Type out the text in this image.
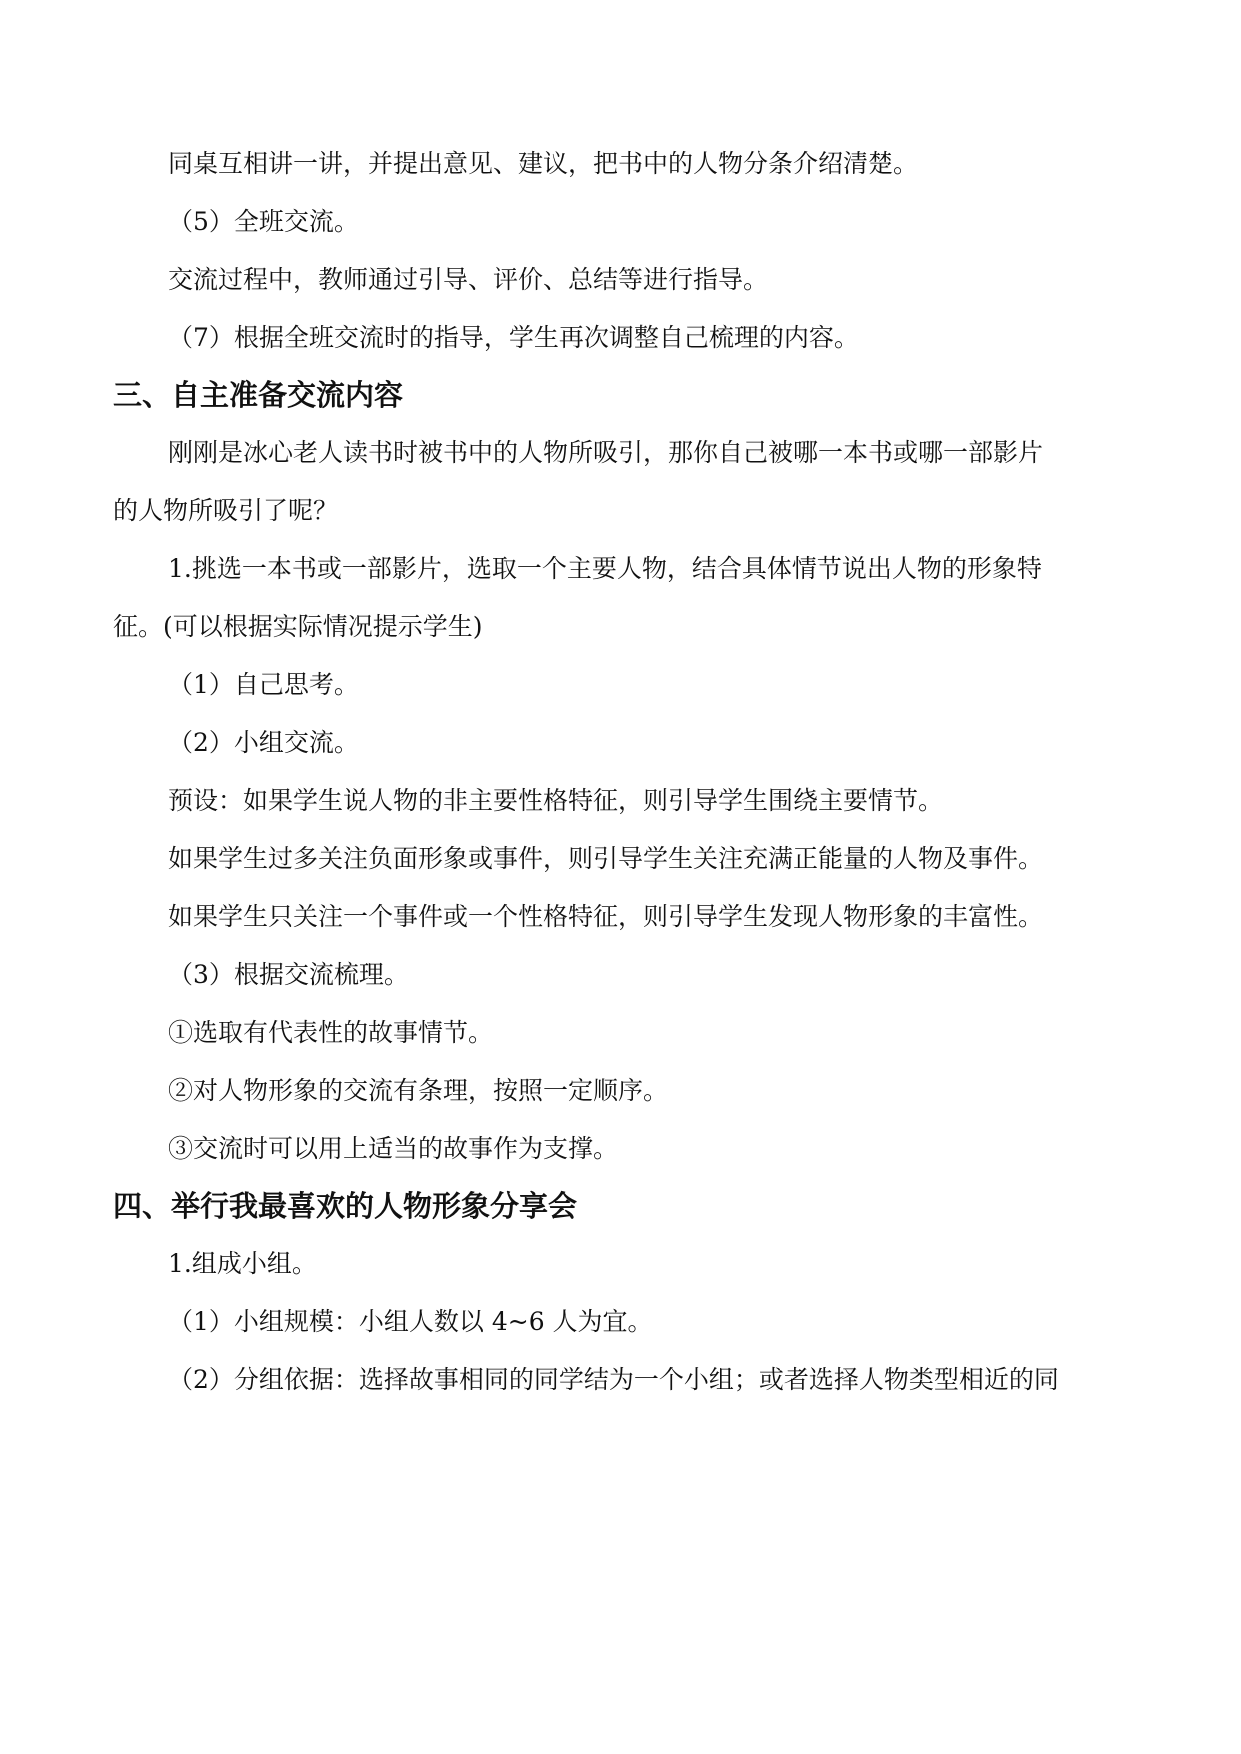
同桌互相讲一讲，并提出意见、建议，把书中的人物分条介绍清楚。

（5）全班交流。

交流过程中，教师通过引导、评价、总结等进行指导。

（7）根据全班交流时的指导，学生再次调整自己梳理的内容。

三、自主准备交流内容

刚刚是冰心老人读书时被书中的人物所吸引，那你自己被哪一本书或哪一部影片

的人物所吸引了呢？

1.挑选一本书或一部影片，选取一个主要人物，结合具体情节说出人物的形象特

征。(可以根据实际情况提示学生)

（1）自己思考。

（2）小组交流。

预设：如果学生说人物的非主要性格特征，则引导学生围绕主要情节。

如果学生过多关注负面形象或事件，则引导学生关注充满正能量的人物及事件。

如果学生只关注一个事件或一个性格特征，则引导学生发现人物形象的丰富性。

（3）根据交流梳理。

①选取有代表性的故事情节。

②对人物形象的交流有条理，按照一定顺序。

③交流时可以用上适当的故事作为支撑。

四、举行我最喜欢的人物形象分享会

1.组成小组。

（1）小组规模：小组人数以 4~6 人为宜。

（2）分组依据：选择故事相同的同学结为一个小组；或者选择人物类型相近的同
